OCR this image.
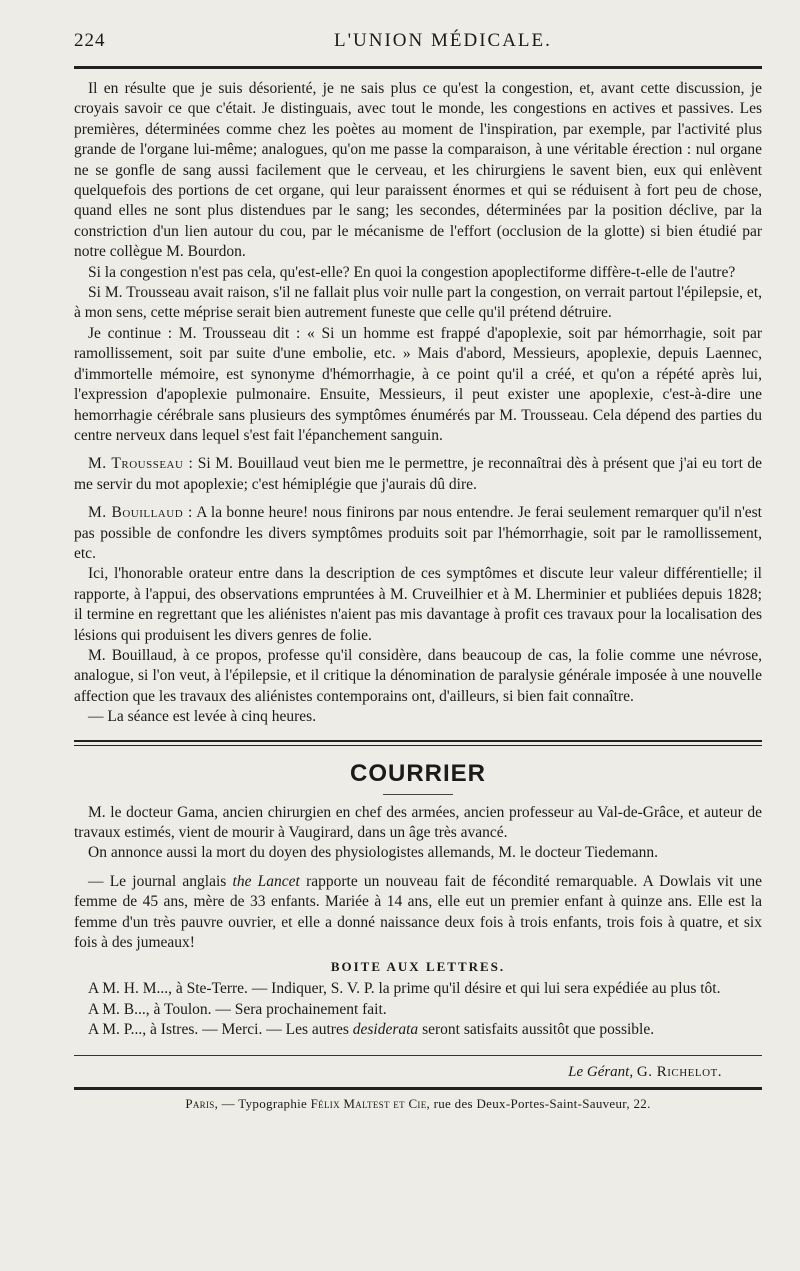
224	L'UNION MÉDICALE.

Il en résulte que je suis désorienté, je ne sais plus ce qu'est la congestion, et, avant cette discussion, je croyais savoir ce que c'était. Je distinguais, avec tout le monde, les congestions en actives et passives. Les premières, déterminées comme chez les poètes au moment de l'inspiration, par exemple, par l'activité plus grande de l'organe lui-même; analogues, qu'on me passe la comparaison, à une véritable érection : nul organe ne se gonfle de sang aussi facilement que le cerveau, et les chirurgiens le savent bien, eux qui enlèvent quelquefois des portions de cet organe, qui leur paraissent énormes et qui se réduisent à fort peu de chose, quand elles ne sont plus distendues par le sang; les secondes, déterminées par la position déclive, par la constriction d'un lien autour du cou, par le mécanisme de l'effort (occlusion de la glotte) si bien étudié par notre collègue M. Bourdon.

Si la congestion n'est pas cela, qu'est-elle? En quoi la congestion apoplectiforme diffère-t-elle de l'autre?

Si M. Trousseau avait raison, s'il ne fallait plus voir nulle part la congestion, on verrait partout l'épilepsie, et, à mon sens, cette méprise serait bien autrement funeste que celle qu'il prétend détruire.

Je continue : M. Trousseau dit : « Si un homme est frappé d'apoplexie, soit par hémorrhagie, soit par ramollissement, soit par suite d'une embolie, etc. » Mais d'abord, Messieurs, apoplexie, depuis Laennec, d'immortelle mémoire, est synonyme d'hémorrhagie, à ce point qu'il a créé, et qu'on a répété après lui, l'expression d'apoplexie pulmonaire. Ensuite, Messieurs, il peut exister une apoplexie, c'est-à-dire une hemorrhagie cérébrale sans plusieurs des symptômes énumérés par M. Trousseau. Cela dépend des parties du centre nerveux dans lequel s'est fait l'épanchement sanguin.

M. Trousseau : Si M. Bouillaud veut bien me le permettre, je reconnaîtrai dès à présent que j'ai eu tort de me servir du mot apoplexie; c'est hémiplégie que j'aurais dû dire.

M. Bouillaud : A la bonne heure! nous finirons par nous entendre. Je ferai seulement remarquer qu'il n'est pas possible de confondre les divers symptômes produits soit par l'hémorrhagie, soit par le ramollissement, etc.

Ici, l'honorable orateur entre dans la description de ces symptômes et discute leur valeur différentielle; il rapporte, à l'appui, des observations empruntées à M. Cruveilhier et à M. Lherminier et publiées depuis 1828; il termine en regrettant que les aliénistes n'aient pas mis davantage à profit ces travaux pour la localisation des lésions qui produisent les divers genres de folie.

M. Bouillaud, à ce propos, professe qu'il considère, dans beaucoup de cas, la folie comme une névrose, analogue, si l'on veut, à l'épilepsie, et il critique la dénomination de paralysie générale imposée à une nouvelle affection que les travaux des aliénistes contemporains ont, d'ailleurs, si bien fait connaître.

— La séance est levée à cinq heures.

COURRIER

M. le docteur Gama, ancien chirurgien en chef des armées, ancien professeur au Val-de-Grâce, et auteur de travaux estimés, vient de mourir à Vaugirard, dans un âge très avancé.

On annonce aussi la mort du doyen des physiologistes allemands, M. le docteur Tiedemann.

— Le journal anglais the Lancet rapporte un nouveau fait de fécondité remarquable. A Dowlais vit une femme de 45 ans, mère de 33 enfants. Mariée à 14 ans, elle eut un premier enfant à quinze ans. Elle est la femme d'un très pauvre ouvrier, et elle a donné naissance deux fois à trois enfants, trois fois à quatre, et six fois à des jumeaux!

BOITE AUX LETTRES.

A M. H. M..., à Ste-Terre. — Indiquer, S. V. P. la prime qu'il désire et qui lui sera expédiée au plus tôt.

A M. B..., à Toulon. — Sera prochainement fait.

A M. P..., à Istres. — Merci. — Les autres desiderata seront satisfaits aussitôt que possible.

Le Gérant, G. Richelot.
Paris, — Typographie Félix Maltest et Cie, rue des Deux-Portes-Saint-Sauveur, 22.
